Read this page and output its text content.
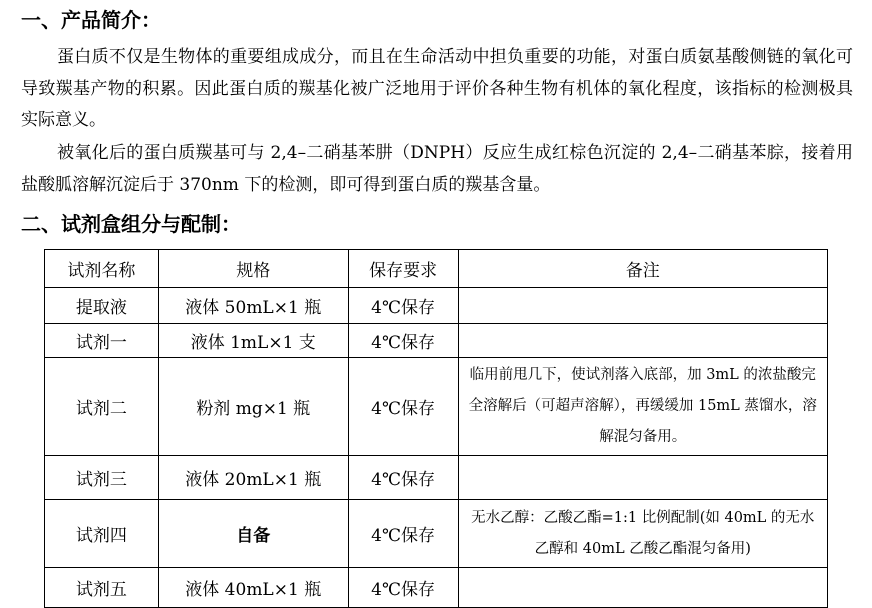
一、产品简介：

蛋白质不仅是生物体的重要组成成分，而且在生命活动中担负重要的功能，对蛋白质氨基酸侧链的氧化可导致羰基产物的积累。因此蛋白质的羰基化被广泛地用于评价各种生物有机体的氧化程度，该指标的检测极具实际意义。

被氧化后的蛋白质羰基可与 2,4–二硝基苯肼（DNPH）反应生成红棕色沉淀的 2,4–二硝基苯腙，接着用盐酸胍溶解沉淀后于 370nm 下的检测，即可得到蛋白质的羰基含量。

二、试剂盒组分与配制：
试剂名称	规格	保存要求	备注
提取液	液体 50mL×1 瓶	4℃保存	
试剂一	液体 1mL×1 支	4℃保存	
试剂二	粉剂 mg×1 瓶	4℃保存	临用前甩几下，使试剂落入底部，加 3mL 的浓盐酸完全溶解后（可超声溶解），再缓缓加 15mL 蒸馏水，溶解混匀备用。
试剂三	液体 20mL×1 瓶	4℃保存	
试剂四	自备	4℃保存	无水乙醇：乙酸乙酯=1:1 比例配制(如 40mL 的无水乙醇和 40mL 乙酸乙酯混匀备用)
试剂五	液体 40mL×1 瓶	4℃保存	
